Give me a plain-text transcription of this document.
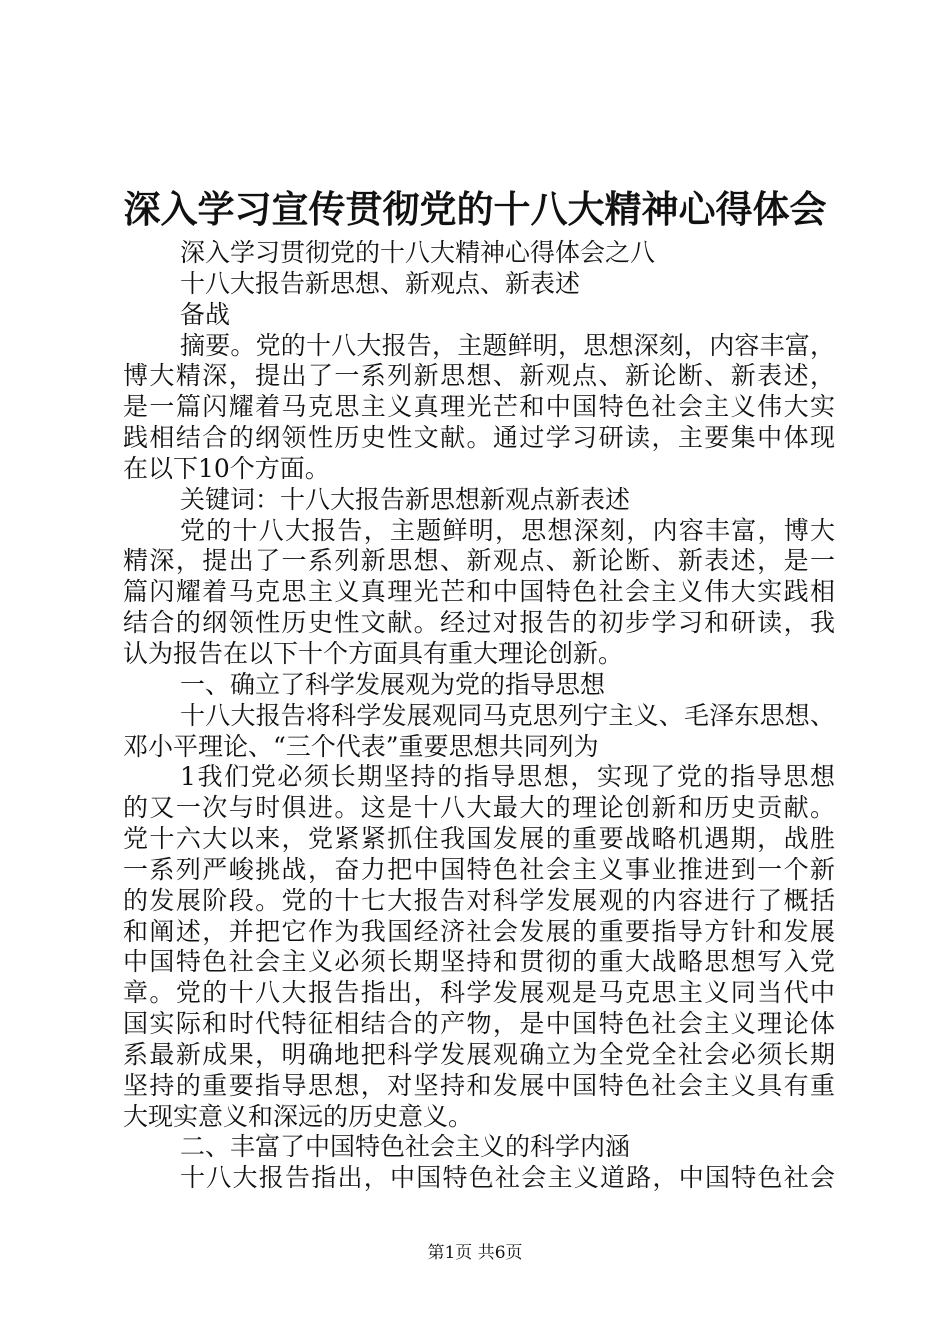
深入学习宣传贯彻党的十八大精神心得体会
深入学习贯彻党的十八大精神心得体会之八
十八大报告新思想、新观点、新表述
备战
摘要。党的十八大报告，主题鲜明，思想深刻，内容丰富，
博大精深，提出了一系列新思想、新观点、新论断、新表述，
是一篇闪耀着马克思主义真理光芒和中国特色社会主义伟大实
践相结合的纲领性历史性文献。通过学习研读，主要集中体现
在以下10个方面。
关键词：十八大报告新思想新观点新表述
党的十八大报告，主题鲜明，思想深刻，内容丰富，博大
精深，提出了一系列新思想、新观点、新论断、新表述，是一
篇闪耀着马克思主义真理光芒和中国特色社会主义伟大实践相
结合的纲领性历史性文献。经过对报告的初步学习和研读，我
认为报告在以下十个方面具有重大理论创新。
一、确立了科学发展观为党的指导思想
十八大报告将科学发展观同马克思列宁主义、毛泽东思想、
邓小平理论、“三个代表”重要思想共同列为
1我们党必须长期坚持的指导思想，实现了党的指导思想
的又一次与时俱进。这是十八大最大的理论创新和历史贡献。
党十六大以来，党紧紧抓住我国发展的重要战略机遇期，战胜
一系列严峻挑战，奋力把中国特色社会主义事业推进到一个新
的发展阶段。党的十七大报告对科学发展观的内容进行了概括
和阐述，并把它作为我国经济社会发展的重要指导方针和发展
中国特色社会主义必须长期坚持和贯彻的重大战略思想写入党
章。党的十八大报告指出，科学发展观是马克思主义同当代中
国实际和时代特征相结合的产物，是中国特色社会主义理论体
系最新成果，明确地把科学发展观确立为全党全社会必须长期
坚持的重要指导思想，对坚持和发展中国特色社会主义具有重
大现实意义和深远的历史意义。
二、丰富了中国特色社会主义的科学内涵
十八大报告指出，中国特色社会主义道路，中国特色社会
第1页 共6页
